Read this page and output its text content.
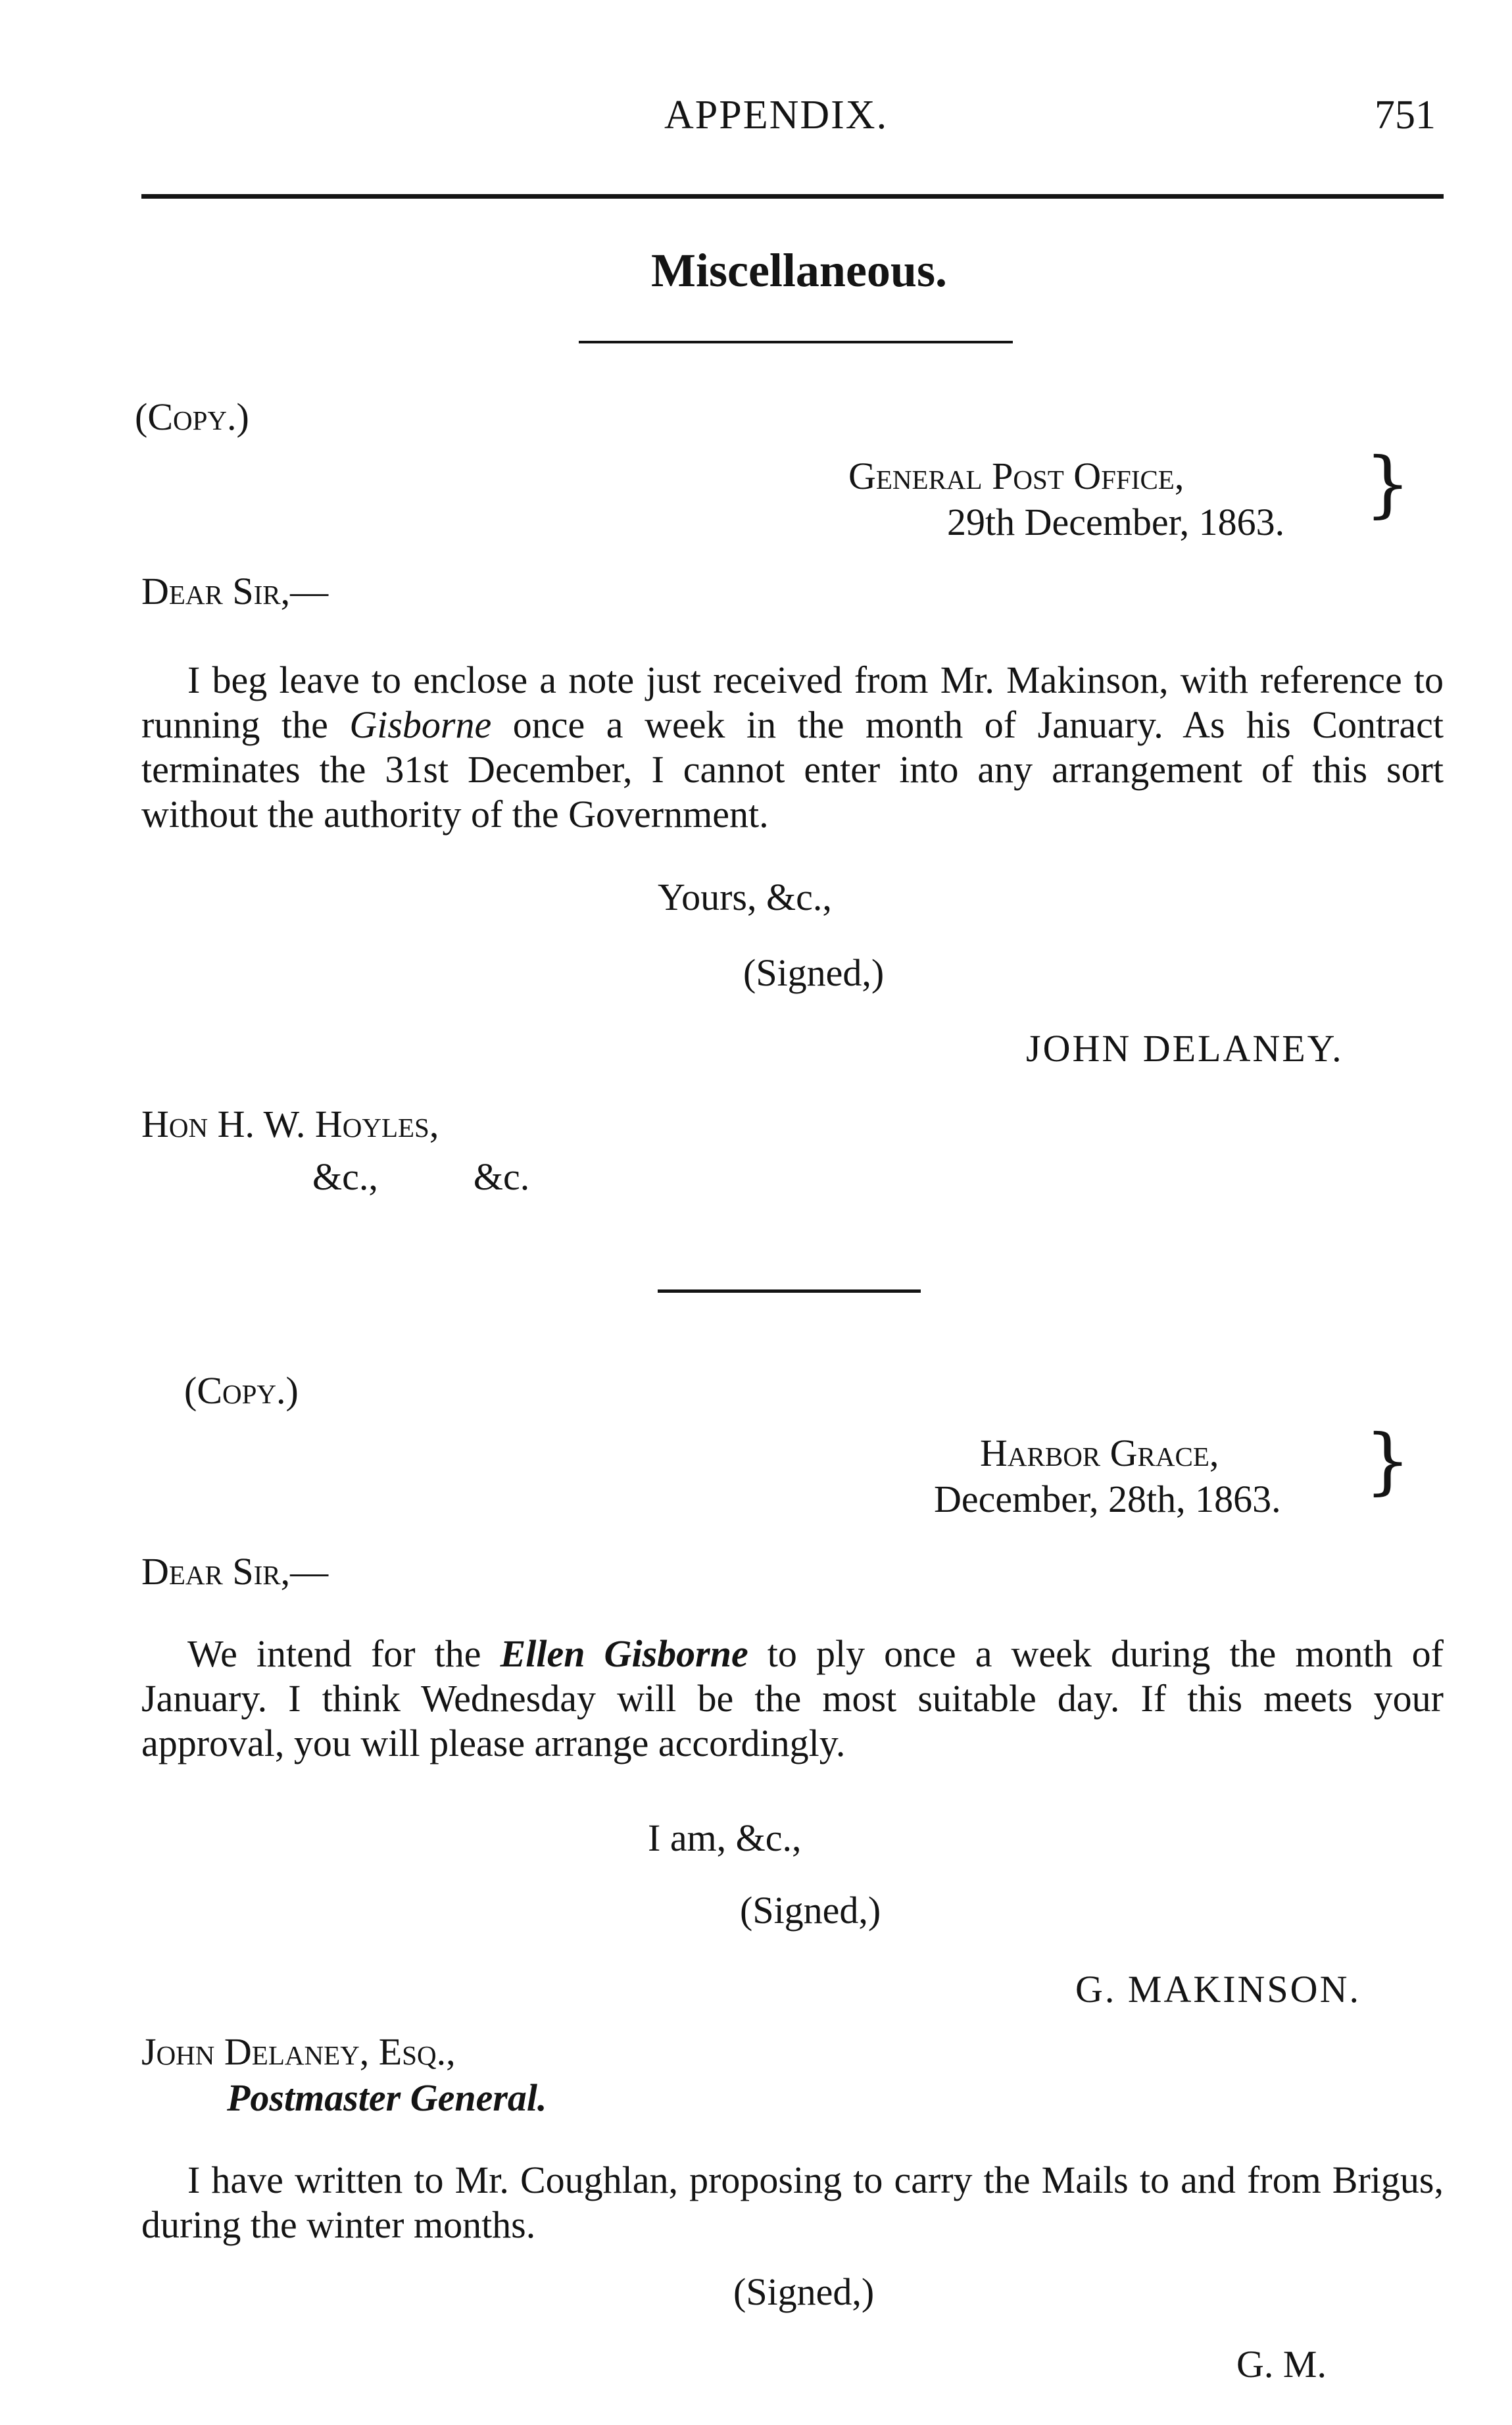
APPENDIX.	751
Miscellaneous.
(Copy.)
General Post Office,
29th December, 1863. }
Dear Sir,—
I beg leave to enclose a note just received from Mr. Makinson, with reference to running the Gisborne once a week in the month of January. As his Contract terminates the 31st December, I cannot enter into any arrangement of this sort without the authority of the Government.
Yours, &c.,
(Signed,)
JOHN DELANEY.
Hon H. W. Hoyles,
&c.,          &c.
(Copy.)
Harbor Grace,
December, 28th, 1863. }
Dear Sir,—
We intend for the Ellen Gisborne to ply once a week during the month of January. I think Wednesday will be the most suitable day. If this meets your approval, you will please arrange accordingly.
I am, &c.,
(Signed,)
G. MAKINSON.
John Delaney, Esq.,
Postmaster General.
I have written to Mr. Coughlan, proposing to carry the Mails to and from Brigus, during the winter months.
(Signed,)
G. M.
